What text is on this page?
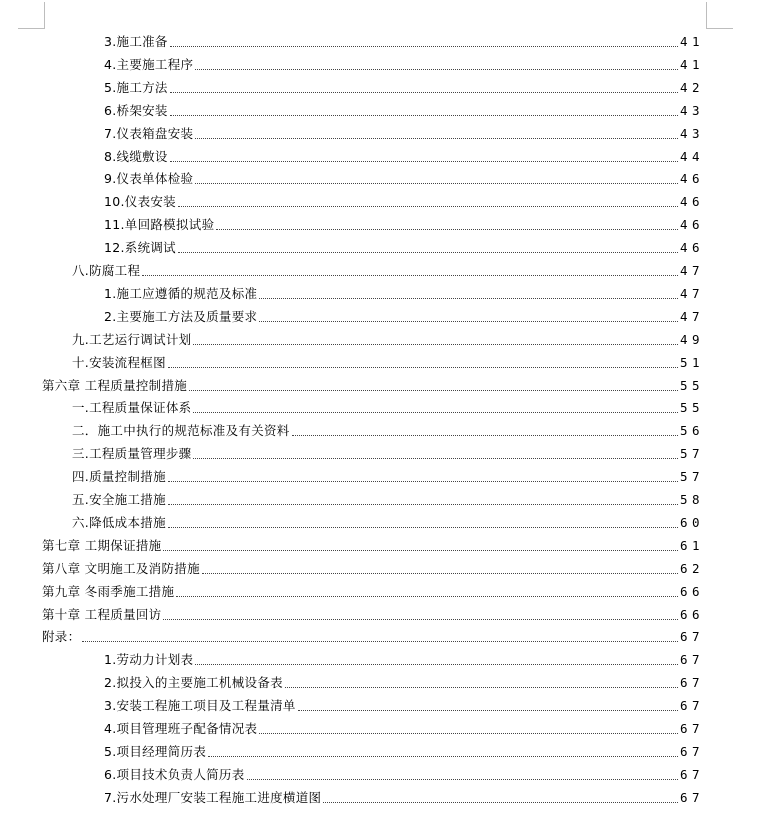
3.施工准备	41
4.主要施工程序	41
5.施工方法	42
6.桥架安装	43
7.仪表箱盘安装	43
8.线缆敷设	44
9.仪表单体检验	46
10.仪表安装	46
11.单回路模拟试验	46
12.系统调试	46
八.防腐工程	47
1.施工应遵循的规范及标准	47
2.主要施工方法及质量要求	47
九.工艺运行调试计划	49
十.安装流程框图	51
第六章 工程质量控制措施	55
一.工程质量保证体系	55
二．施工中执行的规范标准及有关资料	56
三.工程质量管理步骤	57
四.质量控制措施	57
五.安全施工措施	58
六.降低成本措施	60
第七章 工期保证措施	61
第八章 文明施工及消防措施	62
第九章 冬雨季施工措施	66
第十章 工程质量回访	66
附录：	67
1.劳动力计划表	67
2.拟投入的主要施工机械设备表	67
3.安装工程施工项目及工程量清单	67
4.项目管理班子配备情况表	67
5.项目经理简历表	67
6.项目技术负责人简历表	67
7.污水处理厂安装工程施工进度横道图	67
